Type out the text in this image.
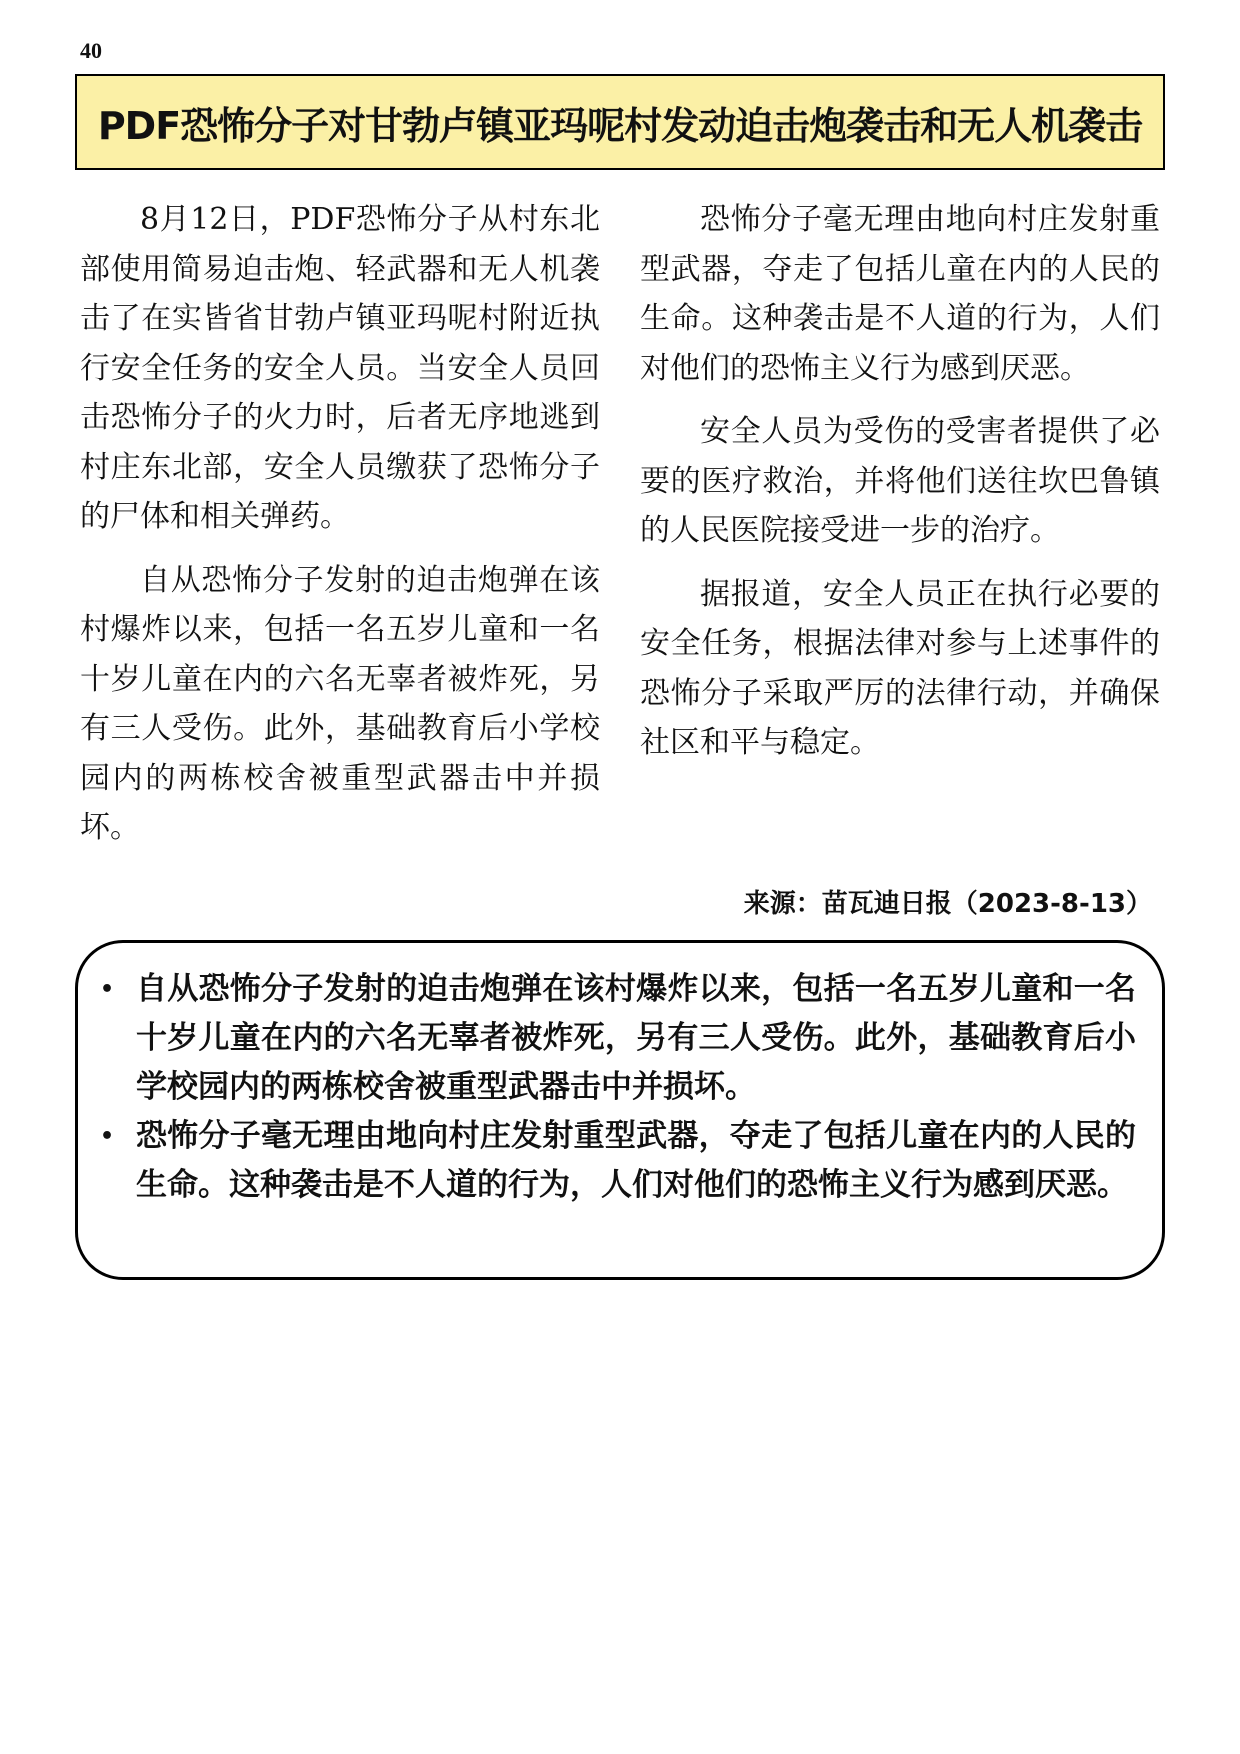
40
PDF恐怖分子对甘勃卢镇亚玛呢村发动迫击炮袭击和无人机袭击

8月12日，PDF恐怖分子从村东北部使用简易迫击炮、轻武器和无人机袭击了在实皆省甘勃卢镇亚玛呢村附近执行安全任务的安全人员。当安全人员回击恐怖分子的火力时，后者无序地逃到村庄东北部，安全人员缴获了恐怖分子的尸体和相关弹药。

自从恐怖分子发射的迫击炮弹在该村爆炸以来，包括一名五岁儿童和一名十岁儿童在内的六名无辜者被炸死，另有三人受伤。此外，基础教育后小学校园内的两栋校舍被重型武器击中并损坏。

恐怖分子毫无理由地向村庄发射重型武器，夺走了包括儿童在内的人民的生命。这种袭击是不人道的行为，人们对他们的恐怖主义行为感到厌恶。

安全人员为受伤的受害者提供了必要的医疗救治，并将他们送往坎巴鲁镇的人民医院接受进一步的治疗。

据报道，安全人员正在执行必要的安全任务，根据法律对参与上述事件的恐怖分子采取严厉的法律行动，并确保社区和平与稳定。

来源：苗瓦迪日报（2023-8-13）
• 自从恐怖分子发射的迫击炮弹在该村爆炸以来，包括一名五岁儿童和一名十岁儿童在内的六名无辜者被炸死，另有三人受伤。此外，基础教育后小学校园内的两栋校舍被重型武器击中并损坏。
• 恐怖分子毫无理由地向村庄发射重型武器，夺走了包括儿童在内的人民的生命。这种袭击是不人道的行为，人们对他们的恐怖主义行为感到厌恶。
